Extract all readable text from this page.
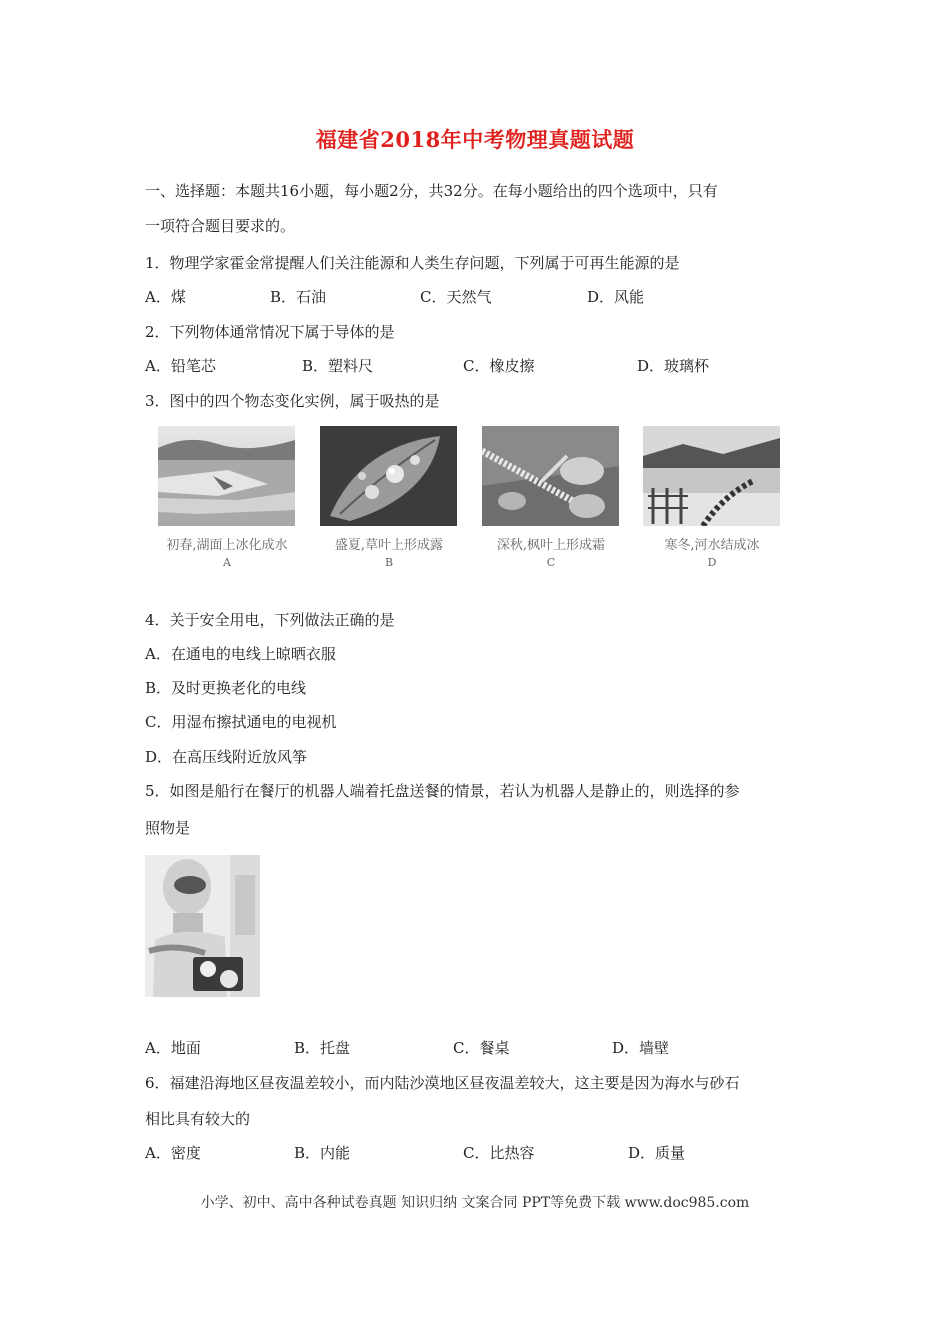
福建省2018年中考物理真题试题
一、选择题：本题共16小题，每小题2分，共32分。在每小题给出的四个选项中，只有
一项符合题目要求的。
1．物理学家霍金常提醒人们关注能源和人类生存问题，下列属于可再生能源的是
A．煤	B．石油	C．天然气	D．风能
2．下列物体通常情况下属于导体的是
A．铅笔芯	B．塑料尺	C．橡皮擦	D．玻璃杯
3．图中的四个物态变化实例，属于吸热的是
初春,湖面上冰化成水
A
盛夏,草叶上形成露
B
深秋,枫叶上形成霜
C
寒冬,河水结成冰
D
4．关于安全用电，下列做法正确的是
A．在通电的电线上晾晒衣服
B．及时更换老化的电线
C．用湿布擦拭通电的电视机
D．在高压线附近放风筝
5．如图是船行在餐厅的机器人端着托盘送餐的情景，若认为机器人是静止的，则选择的参
照物是
A．地面	B．托盘	C．餐桌	D．墙壁
6．福建沿海地区昼夜温差较小，而内陆沙漠地区昼夜温差较大，这主要是因为海水与砂石
相比具有较大的
A．密度	B．内能	C．比热容	D．质量
小学、初中、高中各种试卷真题 知识归纳 文案合同 PPT等免费下载 www.doc985.com
